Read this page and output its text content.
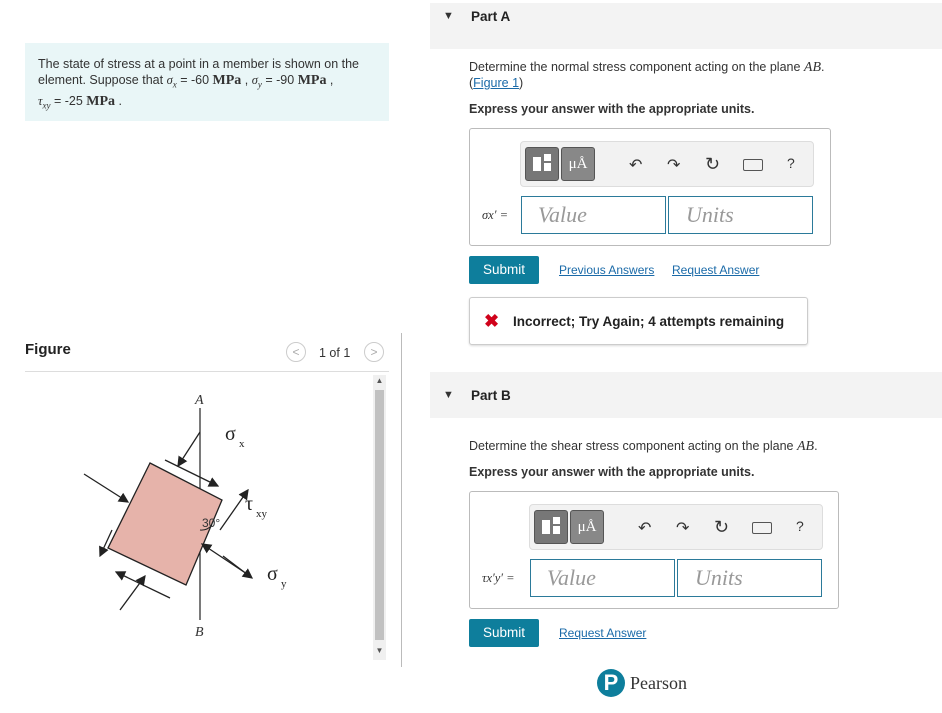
The state of stress at a point in a member is shown on the element. Suppose that $\sigma_x = -60$ MPa , $\sigma_y = -90$ MPa ,
$\tau_{xy} = -25$ MPa .
Figure	<	1 of 1	>
A
B
30°
σ x
τ xy
σ y
▲
▼
▼ Part A
Determine the normal stress component acting on the plane AB.
(Figure 1)
Express your answer with the appropriate units.
μÅ	↶ ↷ ↻	?
σx′ =	Value	Units
Submit	Previous Answers Request Answer
✖ Incorrect; Try Again; 4 attempts remaining
▼ Part B
Determine the shear stress component acting on the plane AB.
Express your answer with the appropriate units.
μÅ	↶ ↷ ↻	?
τx′y′ =	Value	Units
Submit	Request Answer
P Pearson
